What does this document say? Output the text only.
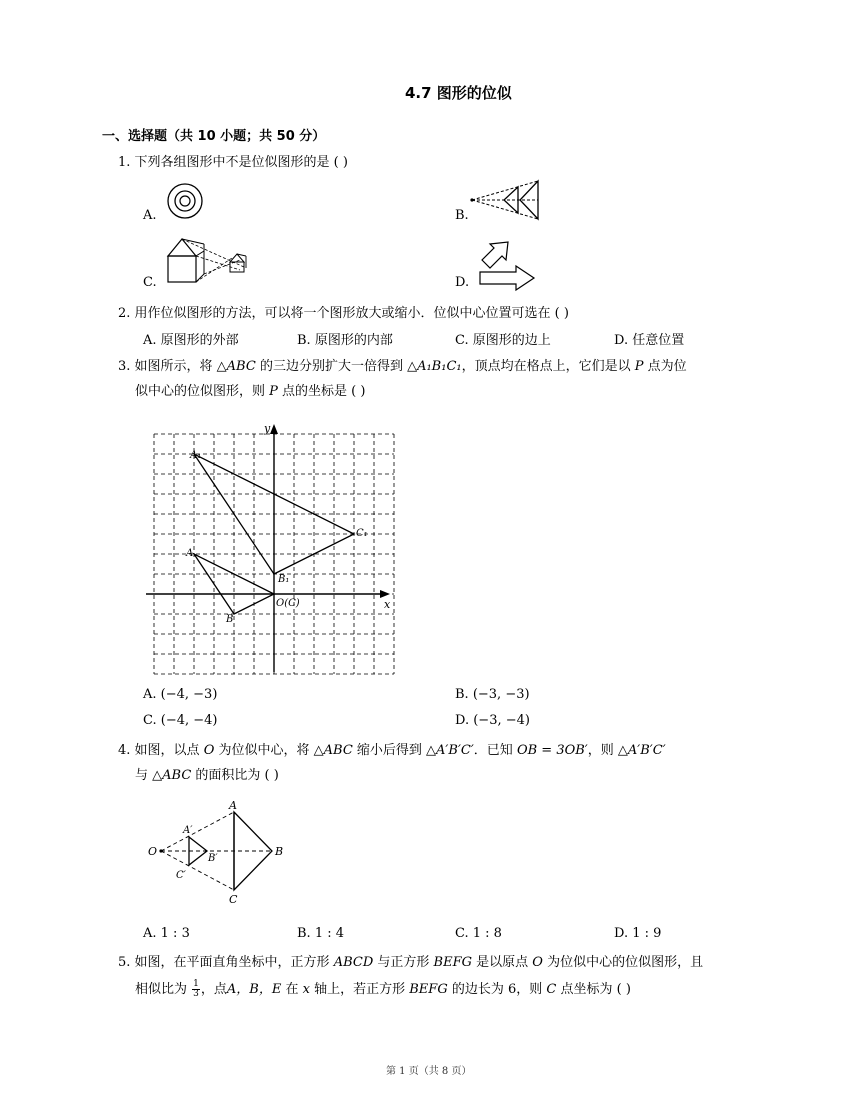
4.7 图形的位似
一、选择题（共 10 小题；共 50 分）
1. 下列各组图形中不是位似图形的是 ( )
A.	B.
C.	D.
2. 用作位似图形的方法，可以将一个图形放大或缩小．位似中心位置可选在 ( )
A. 原图形的外部	B. 原图形的内部	C. 原图形的边上	D. 任意位置
3. 如图所示，将 △ABC 的三边分别扩大一倍得到 △A₁B₁C₁，顶点均在格点上，它们是以 P 点为位
似中心的位似图形，则 P 点的坐标是 ( )
y
x
A₁
C₁
B₁
A
B
O(C)
A. (−4, −3)	B. (−3, −3)
C. (−4, −4)	D. (−3, −4)
4. 如图，以点 O 为位似中心，将 △ABC 缩小后得到 △A′B′C′．已知 OB = 3OB′，则 △A′B′C′
与 △ABC 的面积比为 ( )
A
B
C
O
A′
B′
C′
A. 1 : 3	B. 1 : 4	C. 1 : 8	D. 1 : 9
5. 如图，在平面直角坐标中，正方形 ABCD 与正方形 BEFG 是以原点 O 为位似中心的位似图形，且
相似比为 $\frac{1}{3}$ ，点A，B，E 在 x 轴上，若正方形 BEFG 的边长为 6，则 C 点坐标为 ( )
第 1 页（共 8 页）
